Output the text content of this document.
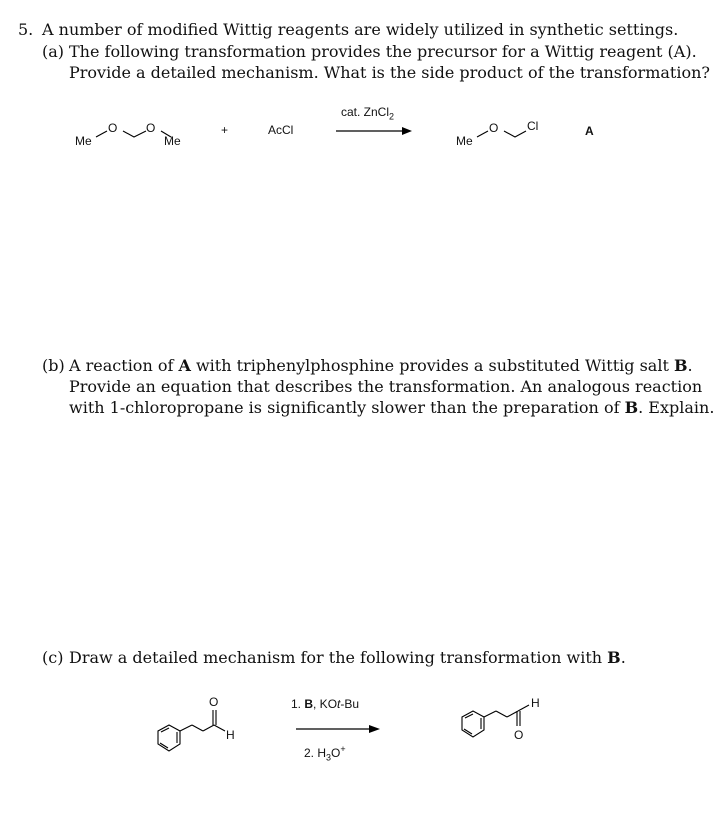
5. A number of modified Wittig reagents are widely utilized in synthetic settings.
(a) The following transformation provides the precursor for a Wittig reagent (A).
Provide a detailed mechanism. What is the side product of the transformation?
Me
O O
Me
+	AcCl
cat. ZnCl$_2$
Me
O Cl	A
(b) A reaction of A with triphenylphosphine provides a substituted Wittig salt B.
Provide an equation that describes the transformation. An analogous reaction
with 1-chloropropane is significantly slower than the preparation of B. Explain.
(c) Draw a detailed mechanism for the following transformation with B.
O
H
1. B, KOt-Bu
2. $H_3O^+$
H
O
